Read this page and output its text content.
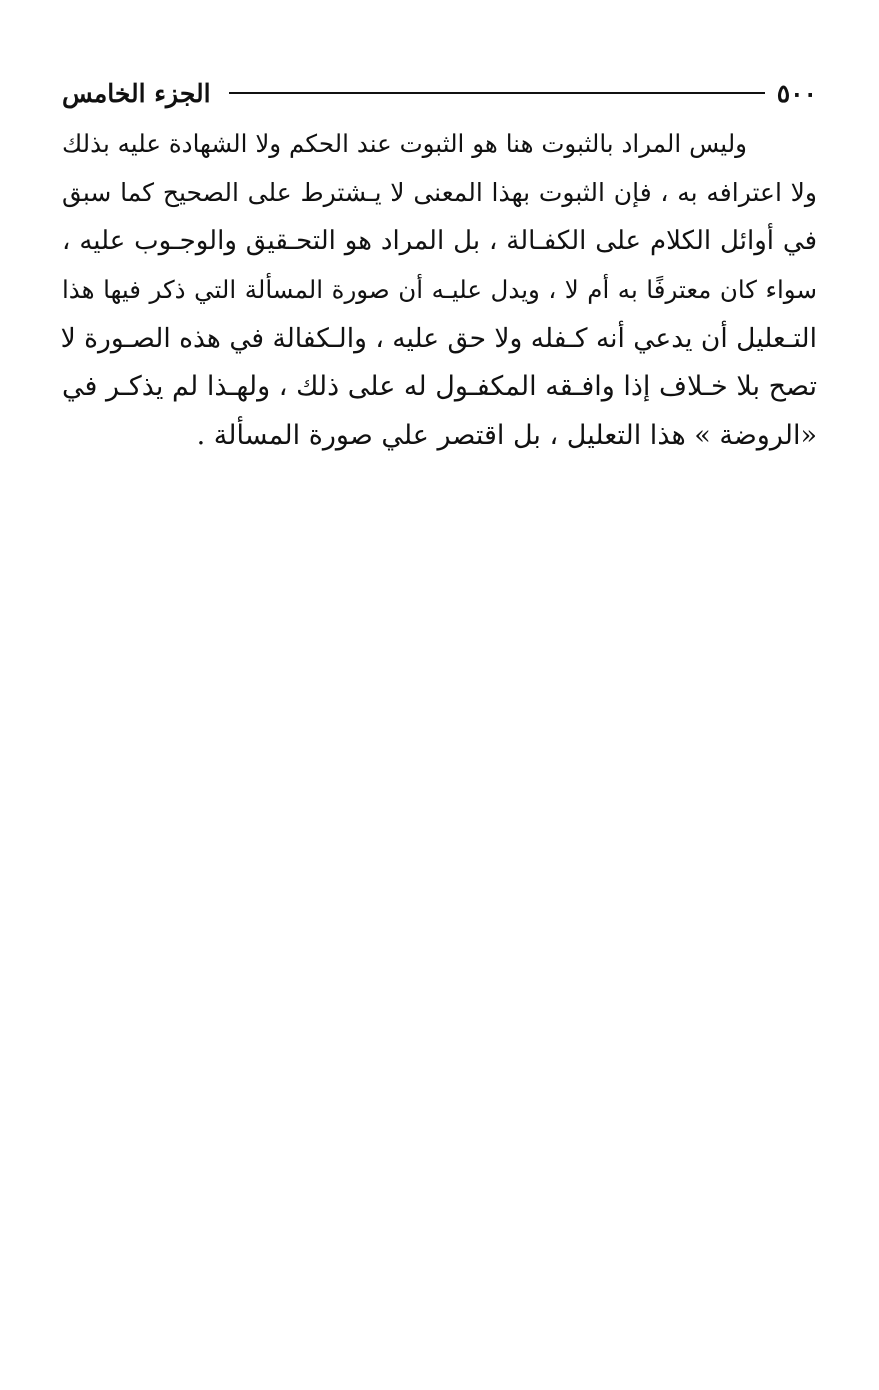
٥٠٠
الجزء الخامس
وليس المراد بالثبوت هنا هو الثبوت عند الحكم ولا الشهادة عليه بذلك
ولا اعترافه به ، فإن الثبوت بهذا المعنى لا يـشترط على الصحيح كما سبق
في أوائل الكلام على الكفـالة ، بل المراد هو التحـقيق والوجـوب عليه ،
سواء كان معترفًا به أم لا ، ويدل عليـه أن صورة المسألة التي ذكر فيها هذا
التـعليل أن يدعي أنه كـفله ولا حق عليه ، والـكفالة في هذه الصـورة لا
تصح بلا خـلاف إذا وافـقه المكفـول له على ذلك ، ولهـذا لم يذكـر في
«الروضة » هذا التعليل ، بل اقتصر علي صورة المسألة .
